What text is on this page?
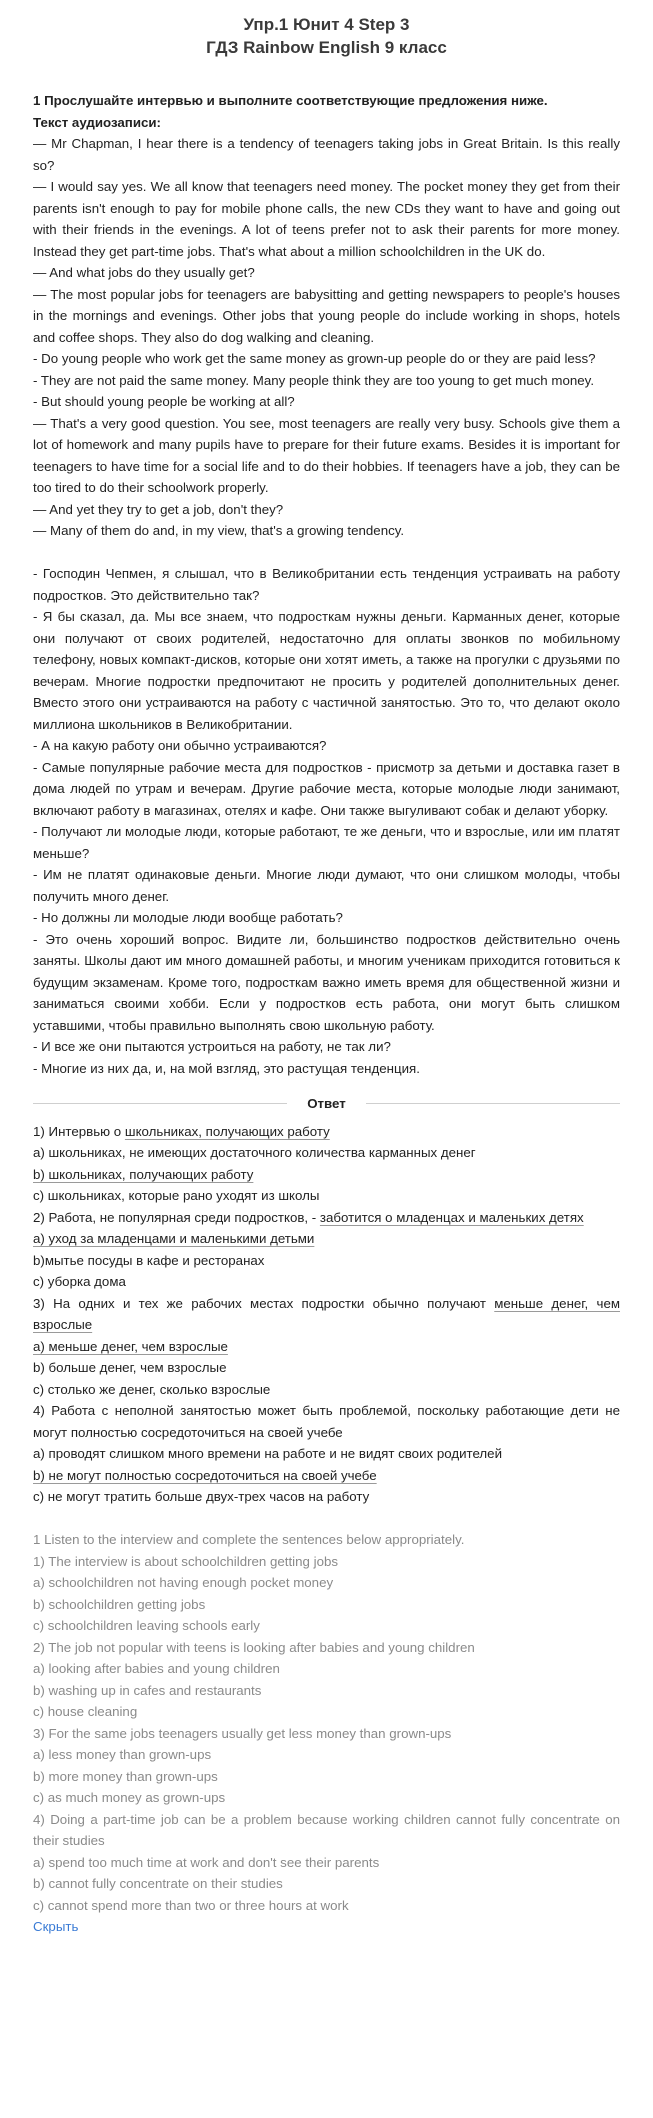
Упр.1 Юнит 4 Step 3
ГДЗ Rainbow English 9 класс

1 Прослушайте интервью и выполните соответствующие предложения ниже.

Текст аудиозаписи:

— Mr Chapman, I hear there is a tendency of teenagers taking jobs in Great Britain. Is this really so?

— I would say yes. We all know that teenagers need money. The pocket money they get from their parents isn't enough to pay for mobile phone calls, the new CDs they want to have and going out with their friends in the evenings. A lot of teens prefer not to ask their parents for more money. Instead they get part-time jobs. That's what about a million schoolchildren in the UK do.

— And what jobs do they usually get?

— The most popular jobs for teenagers are babysitting and getting newspapers to people's houses in the mornings and evenings. Other jobs that young people do include working in shops, hotels and coffee shops. They also do dog walking and cleaning.

- Do young people who work get the same money as grown-up people do or they are paid less?

- They are not paid the same money. Many people think they are too young to get much money.

- But should young people be working at all?

— That's a very good question. You see, most teenagers are really very busy. Schools give them a lot of homework and many pupils have to prepare for their future exams. Besides it is important for teenagers to have time for a social life and to do their hobbies. If teenagers have a job, they can be too tired to do their schoolwork properly.

— And yet they try to get a job, don't they?

— Many of them do and, in my view, that's a growing tendency.

- Господин Чепмен, я слышал, что в Великобритании есть тенденция устраивать на работу подростков. Это действительно так?

- Я бы сказал, да. Мы все знаем, что подросткам нужны деньги. Карманных денег, которые они получают от своих родителей, недостаточно для оплаты звонков по мобильному телефону, новых компакт-дисков, которые они хотят иметь, а также на прогулки с друзьями по вечерам. Многие подростки предпочитают не просить у родителей дополнительных денег. Вместо этого они устраиваются на работу с частичной занятостью. Это то, что делают около миллиона школьников в Великобритании.

- А на какую работу они обычно устраиваются?

- Самые популярные рабочие места для подростков - присмотр за детьми и доставка газет в дома людей по утрам и вечерам. Другие рабочие места, которые молодые люди занимают, включают работу в магазинах, отелях и кафе. Они также выгуливают собак и делают уборку.

- Получают ли молодые люди, которые работают, те же деньги, что и взрослые, или им платят меньше?

- Им не платят одинаковые деньги. Многие люди думают, что они слишком молоды, чтобы получить много денег.

- Но должны ли молодые люди вообще работать?

- Это очень хороший вопрос. Видите ли, большинство подростков действительно очень заняты. Школы дают им много домашней работы, и многим ученикам приходится готовиться к будущим экзаменам. Кроме того, подросткам важно иметь время для общественной жизни и заниматься своими хобби. Если у подростков есть работа, они могут быть слишком уставшими, чтобы правильно выполнять свою школьную работу.

- И все же они пытаются устроиться на работу, не так ли?

- Многие из них да, и, на мой взгляд, это растущая тенденция.

Ответ

1) Интервью о школьниках, получающих работу

a) школьниках, не имеющих достаточного количества карманных денег

b) школьниках, получающих работу

c) школьниках, которые рано уходят из школы

2) Работа, не популярная среди подростков, - заботится о младенцах и маленьких детях

a) уход за младенцами и маленькими детьми

b)мытье посуды в кафе и ресторанах

c) уборка дома

3) На одних и тех же рабочих местах подростки обычно получают меньше денег, чем взрослые

a) меньше денег, чем взрослые

b) больше денег, чем взрослые

c) столько же денег, сколько взрослые

4) Работа с неполной занятостью может быть проблемой, поскольку работающие дети не могут полностью сосредоточиться на своей учебе

a) проводят слишком много времени на работе и не видят своих родителей

b) не могут полностью сосредоточиться на своей учебе

c) не могут тратить больше двух-трех часов на работу

1 Listen to the interview and complete the sentences below appropriately.

1) The interview is about schoolchildren getting jobs

a) schoolchildren not having enough pocket money

b) schoolchildren getting jobs

c) schoolchildren leaving schools early

2) The job not popular with teens is looking after babies and young children

a) looking after babies and young children

b) washing up in cafes and restaurants

c) house cleaning

3) For the same jobs teenagers usually get less money than grown-ups

a) less money than grown-ups

b) more money than grown-ups

c) as much money as grown-ups

4) Doing a part-time job can be a problem because working children cannot fully concentrate on their studies

a) spend too much time at work and don't see their parents

b) cannot fully concentrate on their studies

c) cannot spend more than two or three hours at work

Скрыть
